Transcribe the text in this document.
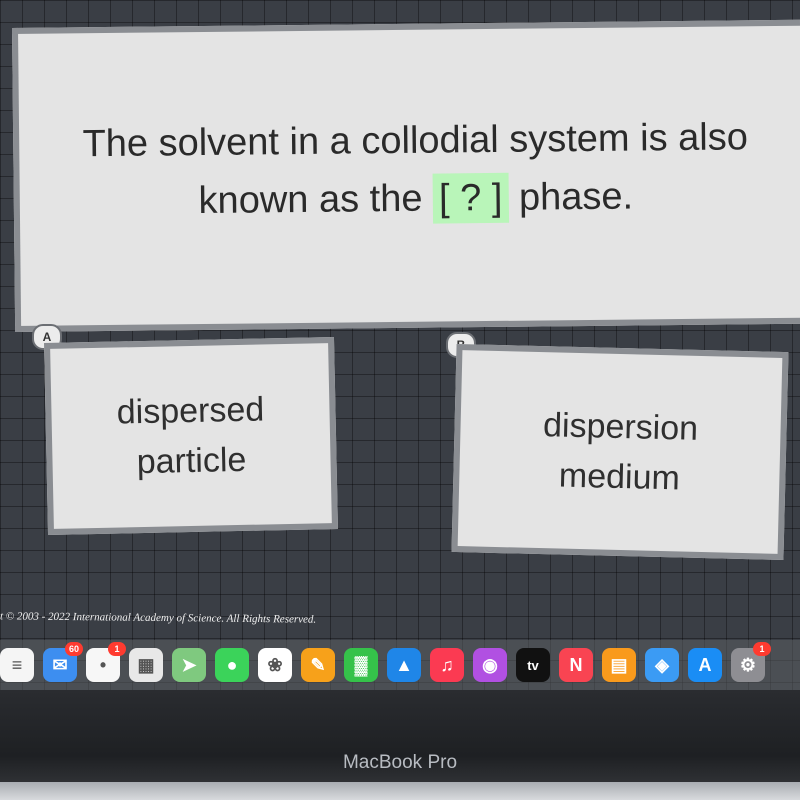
The solvent in a collodial system is also
known as the [ ? ] phase.
A
dispersed
particle
dispersion
medium
t © 2003 - 2022 International Academy of Science. All Rights Reserved.
≡ ✉
60
•
1
▦ ➤ ● ❀ ✎ ▓ ▲ ♫ ◉ tv N ▤ ◈ A ⚙
1
MacBook Pro
